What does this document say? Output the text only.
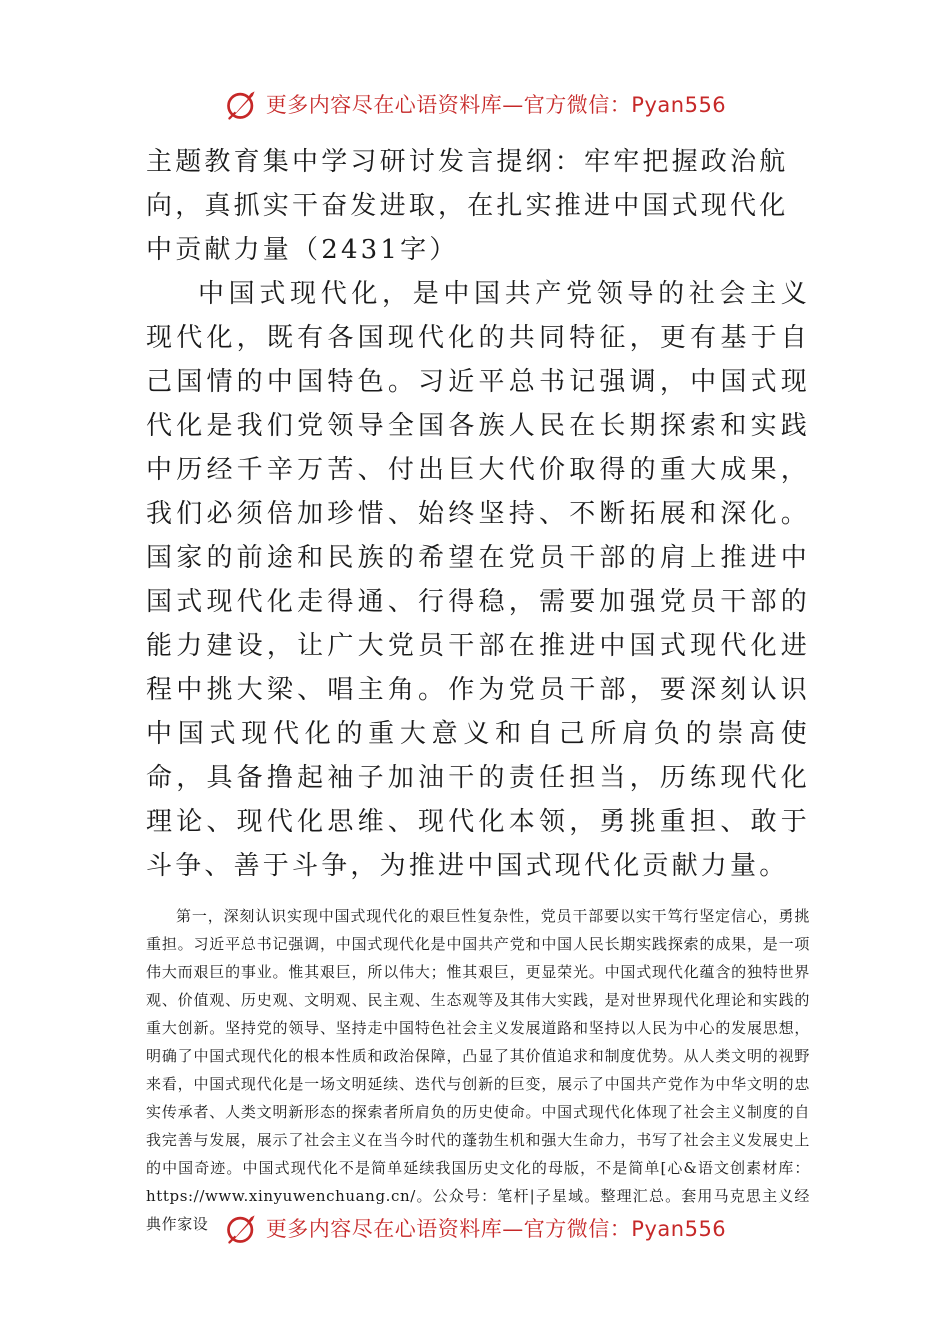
更多内容尽在心语资料库—官方微信：Pyan556
主题教育集中学习研讨发言提纲：牢牢把握政治航向，真抓实干奋发进取，在扎实推进中国式现代化中贡献力量（2431字）

中国式现代化，是中国共产党领导的社会主义现代化，既有各国现代化的共同特征，更有基于自己国情的中国特色。习近平总书记强调，中国式现代化是我们党领导全国各族人民在长期探索和实践中历经千辛万苦、付出巨大代价取得的重大成果，我们必须倍加珍惜、始终坚持、不断拓展和深化。国家的前途和民族的希望在党员干部的肩上推进中国式现代化走得通、行得稳，需要加强党员干部的能力建设，让广大党员干部在推进中国式现代化进程中挑大梁、唱主角。作为党员干部，要深刻认识中国式现代化的重大意义和自己所肩负的崇高使命，具备撸起袖子加油干的责任担当，历练现代化理论、现代化思维、现代化本领，勇挑重担、敢于斗争、善于斗争，为推进中国式现代化贡献力量。

第一，深刻认识实现中国式现代化的艰巨性复杂性，党员干部要以实干笃行坚定信心，勇挑重担。习近平总书记强调，中国式现代化是中国共产党和中国人民长期实践探索的成果，是一项伟大而艰巨的事业。惟其艰巨，所以伟大；惟其艰巨，更显荣光。中国式现代化蕴含的独特世界观、价值观、历史观、文明观、民主观、生态观等及其伟大实践，是对世界现代化理论和实践的重大创新。坚持党的领导、坚持走中国特色社会主义发展道路和坚持以人民为中心的发展思想，明确了中国式现代化的根本性质和政治保障，凸显了其价值追求和制度优势。从人类文明的视野来看，中国式现代化是一场文明延续、迭代与创新的巨变，展示了中国共产党作为中华文明的忠实传承者、人类文明新形态的探索者所肩负的历史使命。中国式现代化体现了社会主义制度的自我完善与发展，展示了社会主义在当今时代的蓬勃生机和强大生命力，书写了社会主义发展史上的中国奇迹。中国式现代化不是简单延续我国历史文化的母版，不是简单[心&语文创素材库：https://www.xinyuwenchuang.cn/。公众号：笔杆|子星域。整理汇总。套用马克思主义经典作家设	更多内容尽在心语资料库—官方微信：Pyan556
